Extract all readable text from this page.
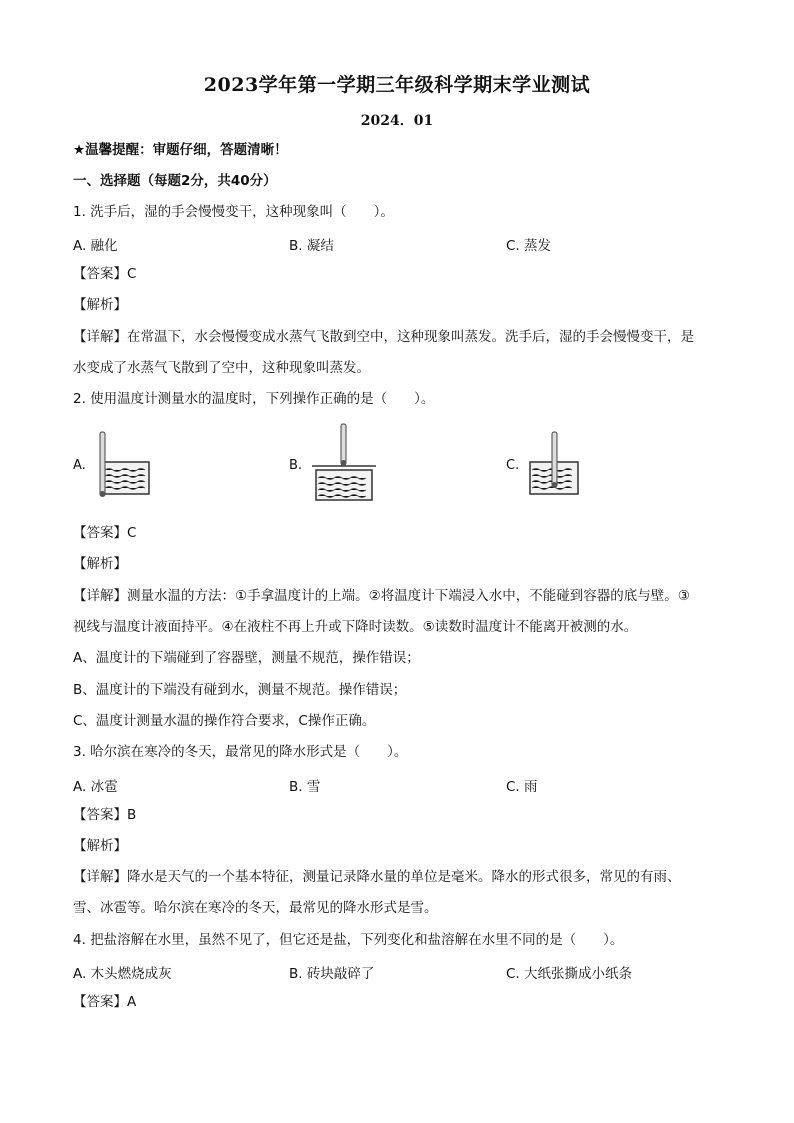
2023学年第一学期三年级科学期末学业测试
2024．01
★温馨提醒：审题仔细，答题清晰！
一、选择题（每题2分，共40分）
1. 洗手后，湿的手会慢慢变干，这种现象叫（　　）。
A. 融化	B. 凝结	C. 蒸发
【答案】C
【解析】
【详解】在常温下，水会慢慢变成水蒸气飞散到空中，这种现象叫蒸发。洗手后，湿的手会慢慢变干，是
水变成了水蒸气飞散到了空中，这种现象叫蒸发。
2. 使用温度计测量水的温度时，下列操作正确的是（　　）。
A.	B.	C.
【答案】C
【解析】
【详解】测量水温的方法：①手拿温度计的上端。②将温度计下端浸入水中，不能碰到容器的底与壁。③
视线与温度计液面持平。④在液柱不再上升或下降时读数。⑤读数时温度计不能离开被测的水。
A、温度计的下端碰到了容器壁，测量不规范，操作错误；
B、温度计的下端没有碰到水，测量不规范。操作错误；
C、温度计测量水温的操作符合要求，C操作正确。
3. 哈尔滨在寒冷的冬天，最常见的降水形式是（　　）。
A. 冰雹	B. 雪	C. 雨
【答案】B
【解析】
【详解】降水是天气的一个基本特征，测量记录降水量的单位是毫米。降水的形式很多，常见的有雨、
雪、冰雹等。哈尔滨在寒冷的冬天，最常见的降水形式是雪。
4. 把盐溶解在水里，虽然不见了，但它还是盐，下列变化和盐溶解在水里不同的是（　　）。
A. 木头燃烧成灰	B. 砖块敲碎了	C. 大纸张撕成小纸条
【答案】A
